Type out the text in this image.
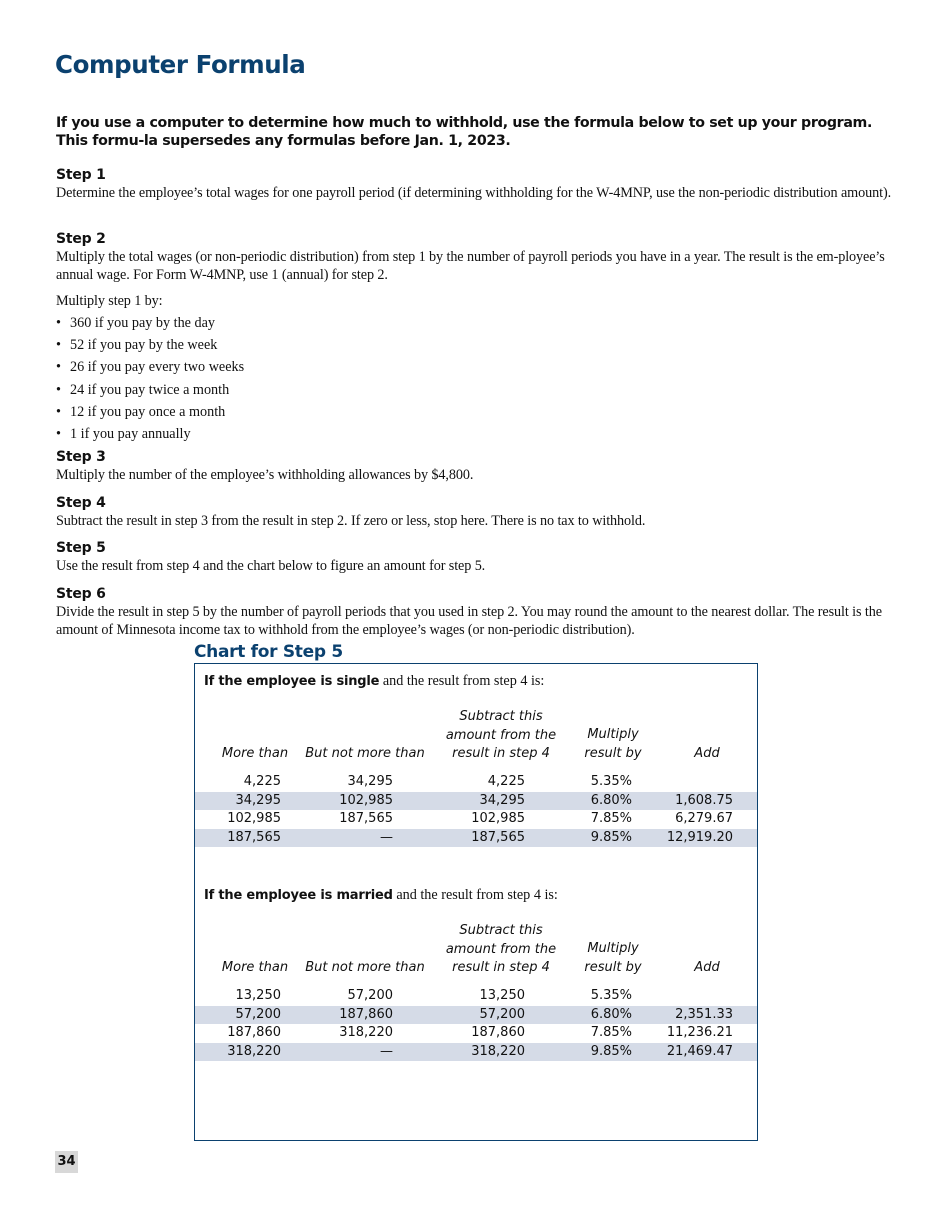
Computer Formula

If you use a computer to determine how much to withhold, use the formula below to set up your program. This formu-la supersedes any formulas before Jan. 1, 2023.

Step 1

Determine the employee’s total wages for one payroll period (if determining withholding for the W-4MNP, use the non-periodic distribution amount).

Step 2

Multiply the total wages (or non-periodic distribution) from step 1 by the number of payroll periods you have in a year. The result is the em-ployee’s annual wage. For Form W-4MNP, use 1 (annual) for step 2.

Multiply step 1 by:

• 360 if you pay by the day
• 52 if you pay by the week
• 26 if you pay every two weeks
• 24 if you pay twice a month
• 12 if you pay once a month
• 1 if you pay annually

Step 3

Multiply the number of the employee’s withholding allowances by $4,800.

Step 4

Subtract the result in step 3 from the result in step 2. If zero or less, stop here. There is no tax to withhold.

Step 5

Use the result from step 4 and the chart below to figure an amount for step 5.

Step 6

Divide the result in step 5 by the number of payroll periods that you used in step 2. You may round the amount to the nearest dollar. The result is the amount of Minnesota income tax to withhold from the employee’s wages (or non-periodic distribution).

Chart for Step 5
If the employee is single and the result from step 4 is:
More than	But not more than
Subtract this
amount from the
result in step 4
Multiply
result by	Add
4,225	34,295	4,225	5.35%
34,295	102,985	34,295	6.80%	1,608.75
102,985	187,565	102,985	7.85%	6,279.67
187,565	—	187,565	9.85%	12,919.20
If the employee is married and the result from step 4 is:
More than	But not more than
Subtract this
amount from the
result in step 4
Multiply
result by	Add
13,250	57,200	13,250	5.35%
57,200	187,860	57,200	6.80%	2,351.33
187,860	318,220	187,860	7.85%	11,236.21
318,220	—	318,220	9.85%	21,469.47
34
